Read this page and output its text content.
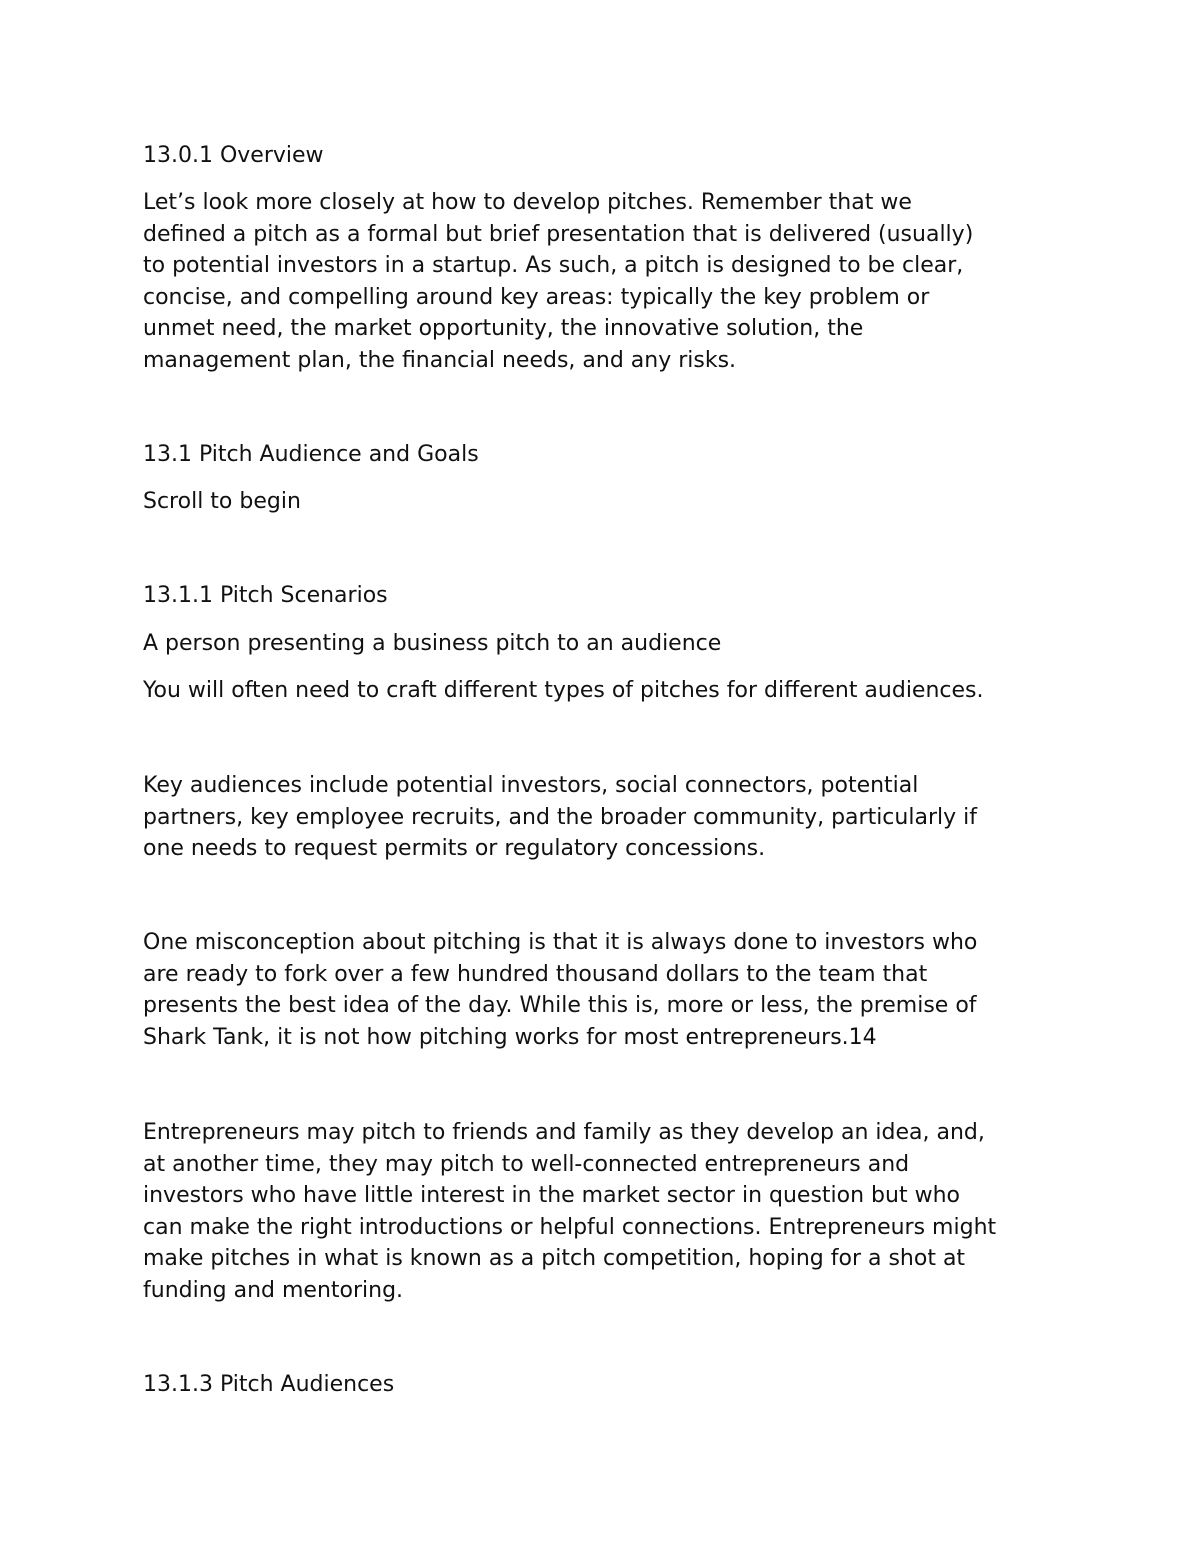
13.0.1 Overview

Let’s look more closely at how to develop pitches. Remember that we
defined a pitch as a formal but brief presentation that is delivered (usually)
to potential investors in a startup. As such, a pitch is designed to be clear,
concise, and compelling around key areas: typically the key problem or
unmet need, the market opportunity, the innovative solution, the
management plan, the financial needs, and any risks.

13.1 Pitch Audience and Goals

Scroll to begin

13.1.1 Pitch Scenarios

A person presenting a business pitch to an audience

You will often need to craft different types of pitches for different audiences.

Key audiences include potential investors, social connectors, potential
partners, key employee recruits, and the broader community, particularly if
one needs to request permits or regulatory concessions.

One misconception about pitching is that it is always done to investors who
are ready to fork over a few hundred thousand dollars to the team that
presents the best idea of the day. While this is, more or less, the premise of
Shark Tank, it is not how pitching works for most entrepreneurs.14

Entrepreneurs may pitch to friends and family as they develop an idea, and,
at another time, they may pitch to well-connected entrepreneurs and
investors who have little interest in the market sector in question but who
can make the right introductions or helpful connections. Entrepreneurs might
make pitches in what is known as a pitch competition, hoping for a shot at
funding and mentoring.

13.1.3 Pitch Audiences
